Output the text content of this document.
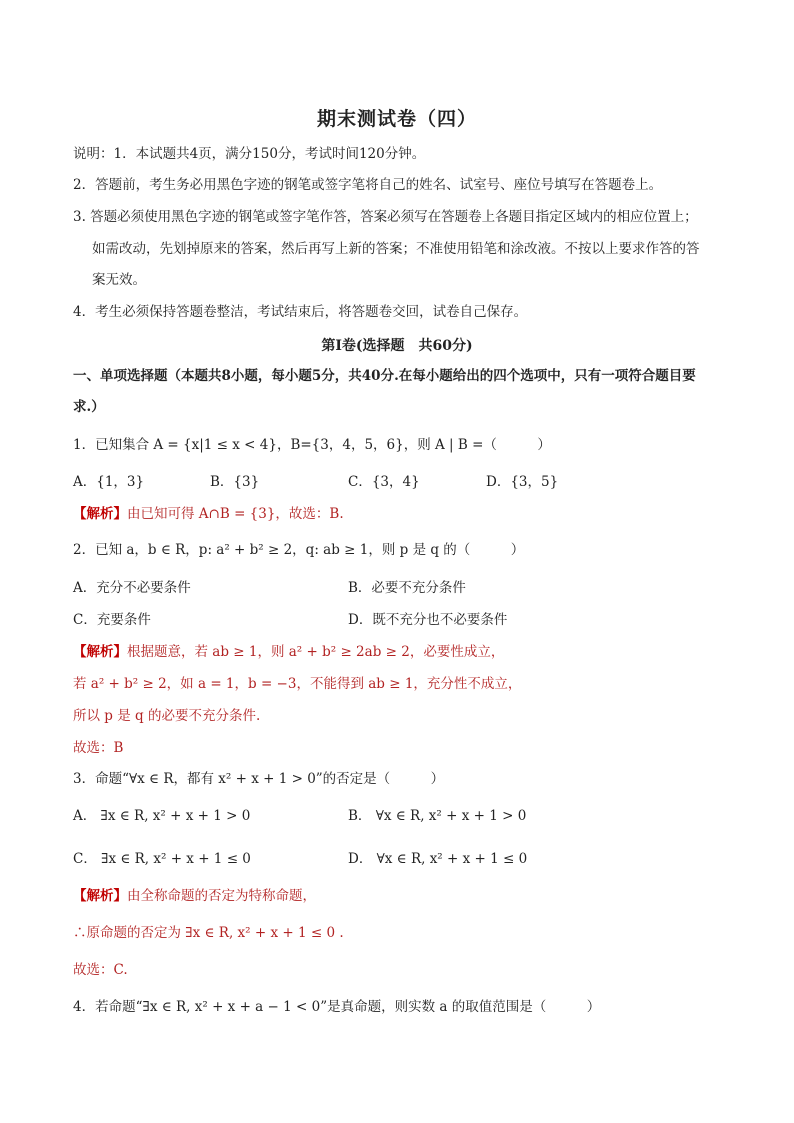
期末测试卷（四）
说明：1．本试题共4页，满分150分，考试时间120分钟。
2．答题前，考生务必用黑色字迹的钢笔或签字笔将自己的姓名、试室号、座位号填写在答题卷上。
3. 答题必须使用黑色字迹的钢笔或签字笔作答，答案必须写在答题卷上各题目指定区域内的相应位置上；
如需改动，先划掉原来的答案，然后再写上新的答案；不准使用铅笔和涂改液。不按以上要求作答的答
案无效。
4．考生必须保持答题卷整洁，考试结束后，将答题卷交回，试卷自己保存。
第I卷(选择题　共60分)
一、单项选择题（本题共8小题，每小题5分，共40分.在每小题给出的四个选项中，只有一项符合题目要
求.）
1．已知集合 A = {x|1 ≤ x < 4}，B={3，4，5，6}，则 A | B =（　　　）
A．{1，3}	B．{3}	C．{3，4}	D．{3，5}
【解析】由已知可得 A∩B = {3}，故选：B.
2．已知 a，b ∈ R，p: a² + b² ≥ 2，q: ab ≥ 1，则 p 是 q 的（　　　）
A．充分不必要条件	B．必要不充分条件
C．充要条件	D．既不充分也不必要条件
【解析】根据题意，若 ab ≥ 1，则 a² + b² ≥ 2ab ≥ 2，必要性成立，
若 a² + b² ≥ 2，如 a = 1，b = −3，不能得到 ab ≥ 1，充分性不成立，
所以 p 是 q 的必要不充分条件.
故选：B
3．命题“∀x ∈ R，都有 x² + x + 1 > 0”的否定是（　　　）
A． ∃x ∈ R, x² + x + 1 > 0	B． ∀x ∈ R, x² + x + 1 > 0
C． ∃x ∈ R, x² + x + 1 ≤ 0	D． ∀x ∈ R, x² + x + 1 ≤ 0
【解析】由全称命题的否定为特称命题，
∴原命题的否定为 ∃x ∈ R, x² + x + 1 ≤ 0 .
故选：C.
4．若命题“∃x ∈ R, x² + x + a − 1 < 0”是真命题，则实数 a 的取值范围是（　　　）
